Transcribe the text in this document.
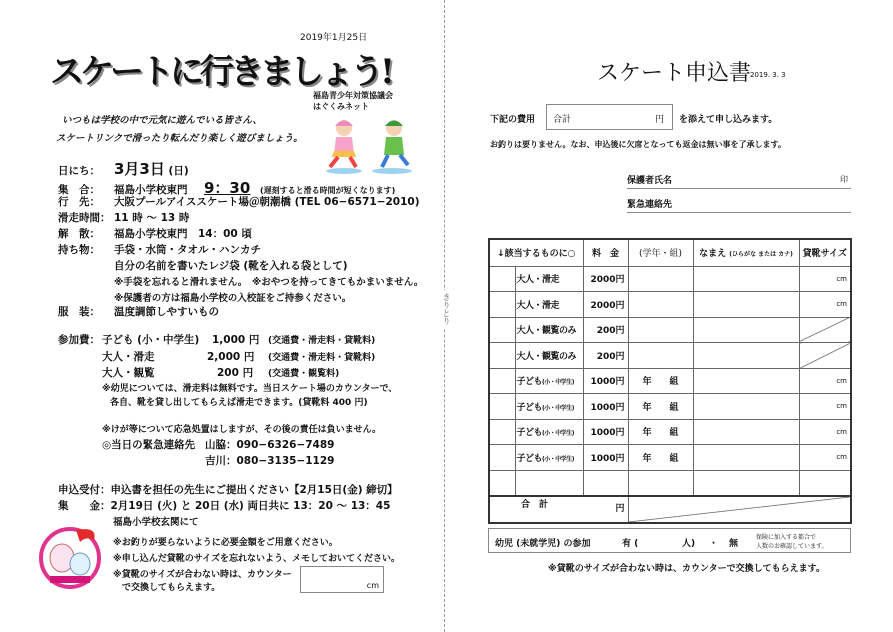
2019年1月25日
スケートに行きましょう!
福島青少年対策協議会
はぐくみネット
いつもは学校の中で元気に遊んでいる皆さん、
スケートリンクで滑ったり転んだり楽しく遊びましょう。
日にち： 3月3日 (日)
集　合： 福島小学校東門　 9：30 (遅刻すると滑る時間が短くなります)
行　先： 大阪プールアイススケート場＠朝潮橋 (TEL 06−6571−2010)
滑走時間： 11 時 〜 13 時
解　散： 福島小学校東門　14：00 頃
持ち物： 手袋・水筒・タオル・ハンカチ
自分の名前を書いたレジ袋 (靴を入れる袋として)
※手袋を忘れると滑れません。　※おやつを持ってきてもかまいません。
※保護者の方は福島小学校の入校証をご持参ください。
服　装： 温度調節しやすいもの
参加費： 子ども (小・中学生) 1,000 円 (交通費・滑走料・貸靴料)
大人・滑走	2,000 円 (交通費・滑走料・貸靴料)
大人・観覧	200 円 (交通費・観覧料)
※幼児については、滑走料は無料です。当日スケート場のカウンターで、
各自、靴を貸し出してもらえば滑走できます。(貸靴料 400 円)
※けが等について応急処置はしますが、その後の責任は負いません。
◎当日の緊急連絡先 山脇：090−6326−7489
吉川：080−3135−1129
申込受付：申込書を担任の先生にご提出ください【2月15日(金) 締切】
集　　金：2月19日 (火) と 20日 (水) 両日共に 13：20 〜 13：45
福島小学校玄関にて
※お釣りが要らないように必要金額をご用意ください。
※申し込んだ貸靴のサイズを忘れないよう、メモしておいてください。
※貸靴のサイズが合わない時は、カウンター
で交換してもらえます。	cm
きりとり
スケート申込書
2019. 3. 3
下記の費用 合計	円 を添えて申し込みます。
お釣りは要りません。なお、申込後に欠席となっても返金は無い事を了承します。
保護者氏名	印
緊急連絡先
↓該当するものに○		料　金	(学年・組)	なまえ (ひらがな または カナ)	貸靴サイズ
	大人・滑走	2000円	　　		cm
	大人・滑走	2000円	　　		cm
	大人・観覧のみ	200円	　　		
	大人・観覧のみ	200円	　　		
	子ども(小・中学生)	1000円	年　　 組		cm
	子ども(小・中学生)	1000円	年　　 組		cm
	子ども(小・中学生)	1000円	年　　 組		cm
	子ども(小・中学生)	1000円	年　　 組		cm

合　計 円					

幼児 (未就学児) の参加	有 (	人) ・ 無
保険に加入する都合で
人数のお確認しています。
※貸靴のサイズが合わない時は、カウンターで交換してもらえます。
